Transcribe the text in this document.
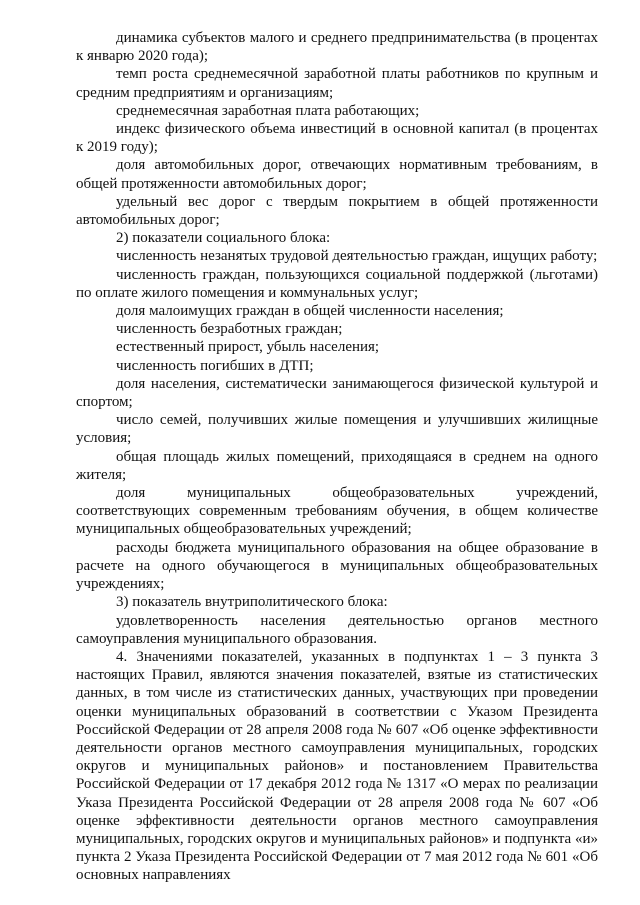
динамика субъектов малого и среднего предпринимательства (в процентах к январю 2020 года);

темп роста среднемесячной заработной платы работников по крупным и средним предприятиям и организациям;

среднемесячная заработная плата работающих;

индекс физического объема инвестиций в основной капитал (в процентах к 2019 году);

доля автомобильных дорог, отвечающих нормативным требованиям, в общей протяженности автомобильных дорог;

удельный вес дорог с твердым покрытием в общей протяженности автомобильных дорог;

2) показатели социального блока:

численность незанятых трудовой деятельностью граждан, ищущих работу;

численность граждан, пользующихся социальной поддержкой (льготами) по оплате жилого помещения и коммунальных услуг;

доля малоимущих граждан в общей численности населения;

численность безработных граждан;

естественный прирост, убыль населения;

численность погибших в ДТП;

доля населения, систематически занимающегося физической культурой и спортом;

число семей, получивших жилые помещения и улучшивших жилищные условия;

общая площадь жилых помещений, приходящаяся в среднем на одного жителя;

доля муниципальных общеобразовательных учреждений, соответствующих современным требованиям обучения, в общем количестве муниципальных общеобразовательных учреждений;

расходы бюджета муниципального образования на общее образование в расчете на одного обучающегося в муниципальных общеобразовательных учреждениях;

3) показатель внутриполитического блока:

удовлетворенность населения деятельностью органов местного самоуправления муниципального образования.

4. Значениями показателей, указанных в подпунктах 1 – 3 пункта 3 настоящих Правил, являются значения показателей, взятые из статистических данных, в том числе из статистических данных, участвующих при проведении оценки муниципальных образований в соответствии с Указом Президента Российской Федерации от 28 апреля 2008 года № 607 «Об оценке эффективности деятельности органов местного самоуправления муниципальных, городских округов и муниципальных районов» и постановлением Правительства Российской Федерации от 17 декабря 2012 года № 1317 «О мерах по реализации Указа Президента Российской Федерации от 28 апреля 2008 года № 607 «Об оценке эффективности деятельности органов местного самоуправления муниципальных, городских округов и муниципальных районов» и подпункта «и» пункта 2 Указа Президента Российской Федерации от 7 мая 2012 года № 601 «Об основных направлениях
